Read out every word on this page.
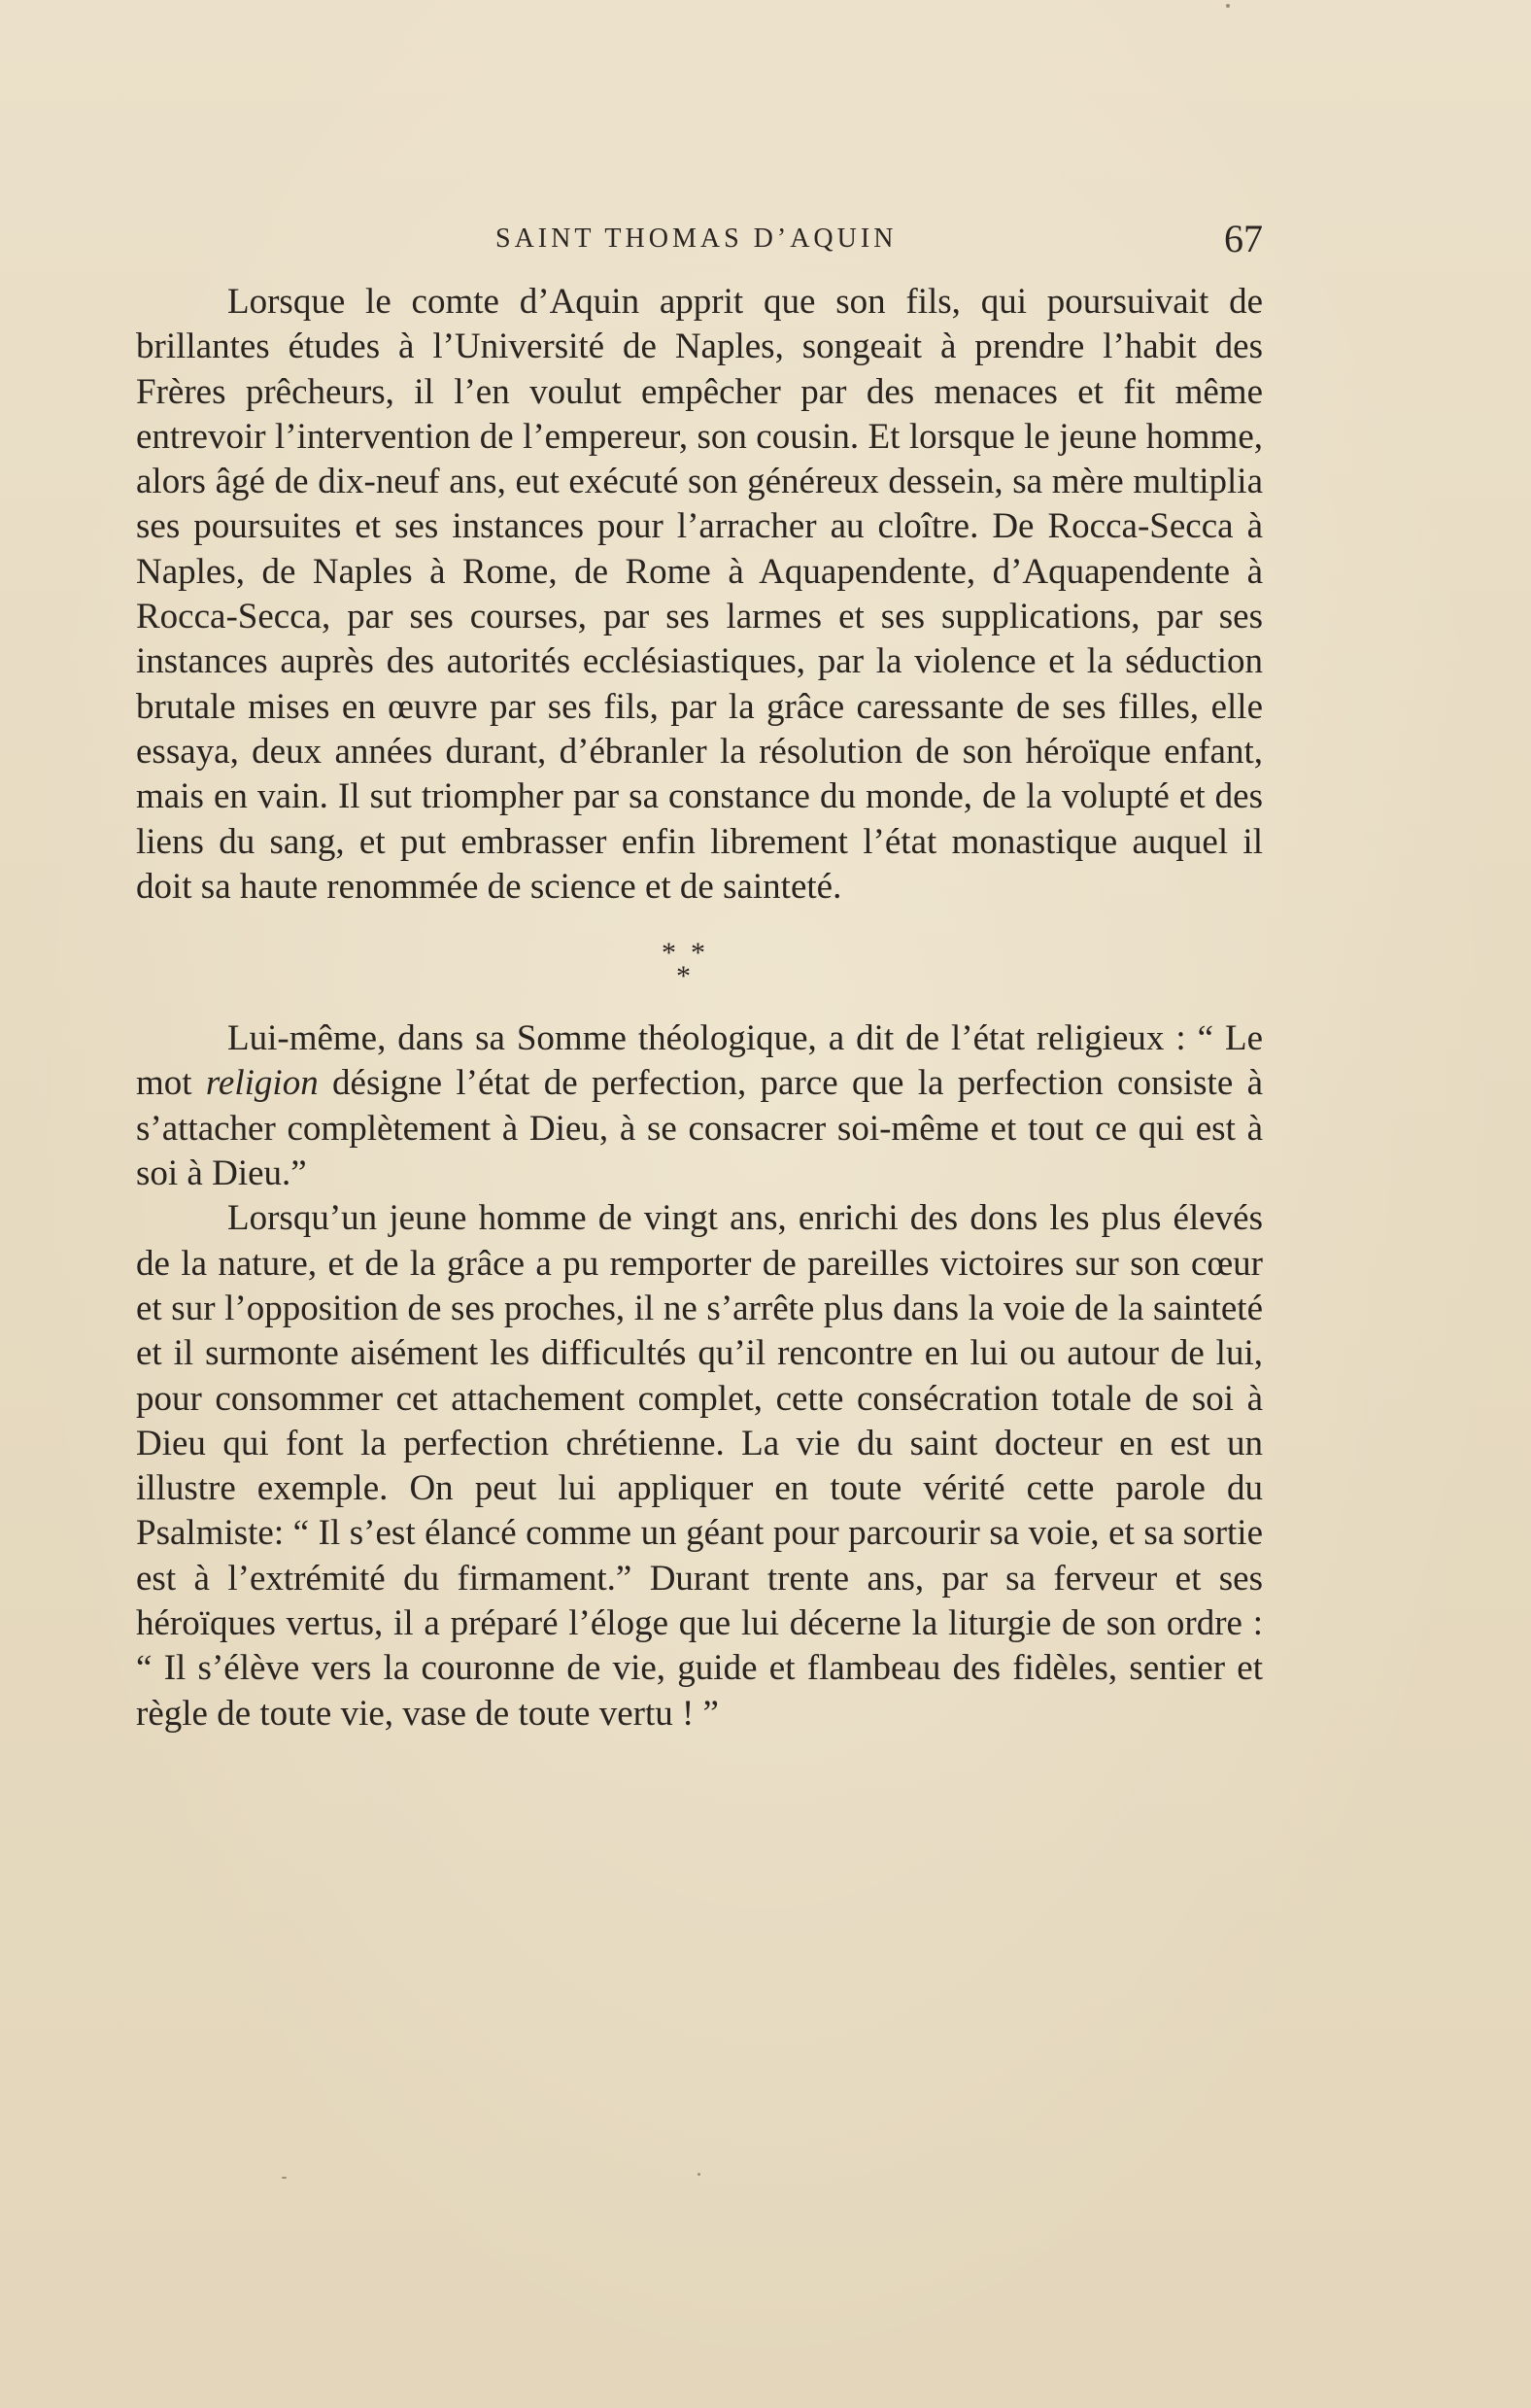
SAINT THOMAS D’AQUIN	67

Lorsque le comte d’Aquin apprit que son fils, qui poursuivait de brillantes études à l’Université de Naples, songeait à prendre l’habit des Frères prêcheurs, il l’en voulut empêcher par des menaces et fit même entrevoir l’intervention de l’empereur, son cousin. Et lorsque le jeune homme, alors âgé de dix-neuf ans, eut exécuté son généreux dessein, sa mère multiplia ses poursuites et ses instances pour l’arracher au cloître. De Rocca-Secca à Naples, de Naples à Rome, de Rome à Aquapendente, d’Aquapendente à Rocca-Secca, par ses courses, par ses larmes et ses supplications, par ses instances auprès des autorités ecclésiastiques, par la violence et la séduction brutale mises en œuvre par ses fils, par la grâce caressante de ses filles, elle essaya, deux années durant, d’ébranler la résolution de son héroïque enfant, mais en vain. Il sut triompher par sa constance du monde, de la volupté et des liens du sang, et put embrasser enfin librement l’état monastique auquel il doit sa haute renommée de science et de sainteté.

* *
*

Lui-même, dans sa Somme théologique, a dit de l’état religieux : “ Le mot religion désigne l’état de perfection, parce que la perfection consiste à s’attacher complètement à Dieu, à se consacrer soi-même et tout ce qui est à soi à Dieu.”

Lorsqu’un jeune homme de vingt ans, enrichi des dons les plus élevés de la nature, et de la grâce a pu remporter de pareilles victoires sur son cœur et sur l’opposition de ses proches, il ne s’arrête plus dans la voie de la sainteté et il surmonte aisément les difficultés qu’il rencontre en lui ou autour de lui, pour consommer cet attachement complet, cette consécration totale de soi à Dieu qui font la perfection chrétienne. La vie du saint docteur en est un illustre exemple. On peut lui appliquer en toute vérité cette parole du Psalmiste: “ Il s’est élancé comme un géant pour parcourir sa voie, et sa sortie est à l’extrémité du firmament.” Durant trente ans, par sa ferveur et ses héroïques vertus, il a préparé l’éloge que lui décerne la liturgie de son ordre : “ Il s’élève vers la couronne de vie, guide et flambeau des fidèles, sentier et règle de toute vie, vase de toute vertu ! ”
